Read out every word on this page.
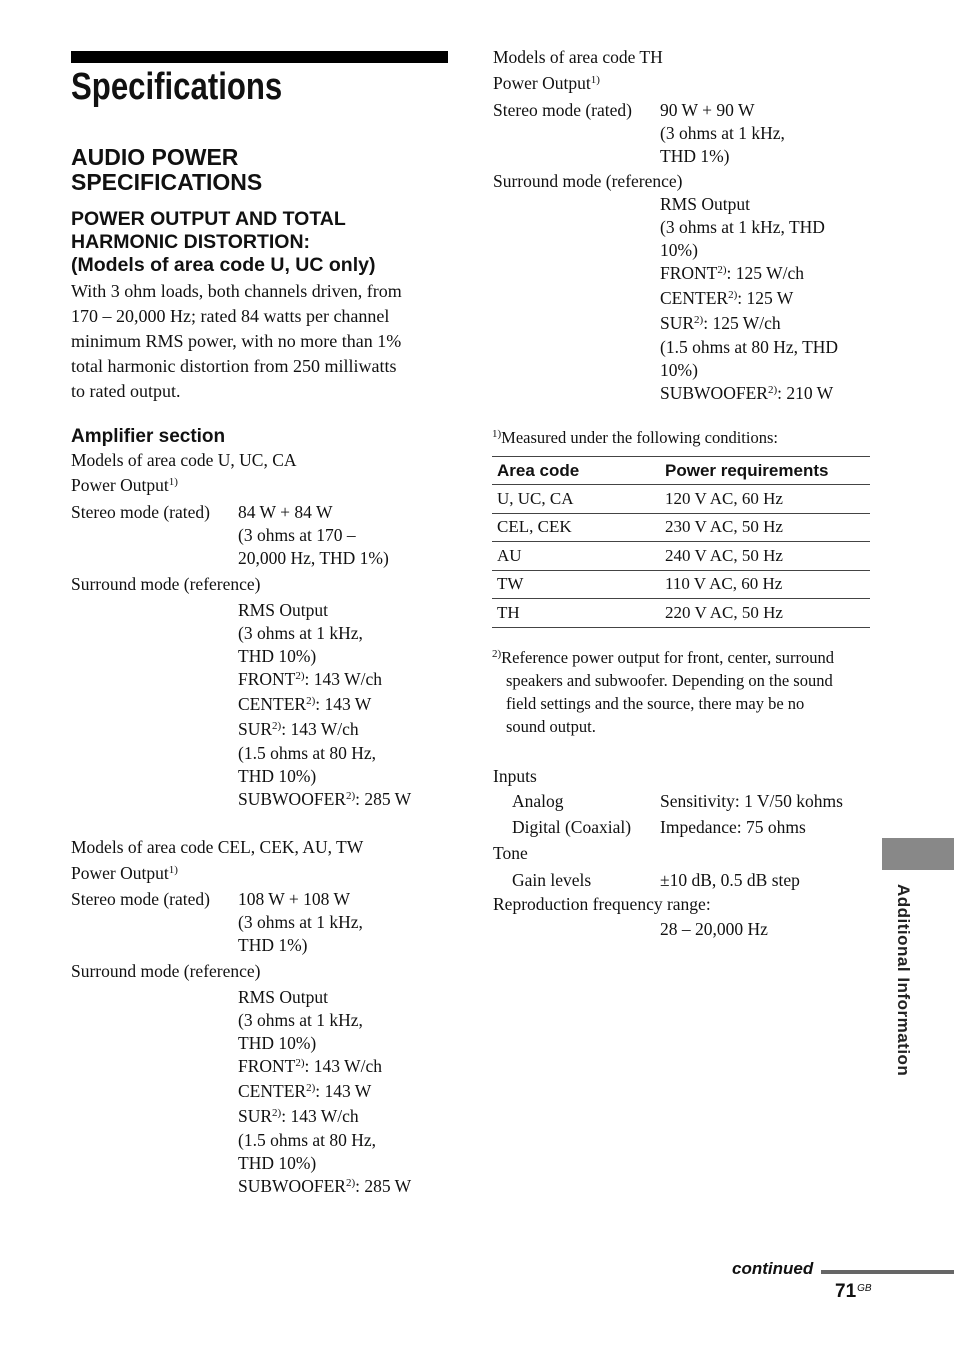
Specifications
AUDIO POWER
SPECIFICATIONS
POWER OUTPUT AND TOTAL
HARMONIC DISTORTION:
(Models of area code U, UC only)
With 3 ohm loads, both channels driven, from
170 – 20,000 Hz; rated 84 watts per channel
minimum RMS power, with no more than 1%
total harmonic distortion from 250 milliwatts
to rated output.
Amplifier section
Models of area code U, UC, CA
Power Output$^{1)}$
Stereo mode (rated) 84 W + 84 W
(3 ohms at 170 –
20,000 Hz, THD 1%)
Surround mode (reference)
RMS Output
(3 ohms at 1 kHz,
THD 10%)
FRONT$^{2)}$: 143 W/ch
CENTER$^{2)}$: 143 W
SUR$^{2)}$: 143 W/ch
(1.5 ohms at 80 Hz,
THD 10%)
SUBWOOFER$^{2)}$: 285 W
Models of area code CEL, CEK, AU, TW
Power Output$^{1)}$
Stereo mode (rated) 108 W + 108 W
(3 ohms at 1 kHz,
THD 1%)
Surround mode (reference)
RMS Output
(3 ohms at 1 kHz,
THD 10%)
FRONT$^{2)}$: 143 W/ch
CENTER$^{2)}$: 143 W
SUR$^{2)}$: 143 W/ch
(1.5 ohms at 80 Hz,
THD 10%)
SUBWOOFER$^{2)}$: 285 W
Models of area code TH
Power Output$^{1)}$
Stereo mode (rated) 90 W + 90 W
(3 ohms at 1 kHz,
THD 1%)
Surround mode (reference)
RMS Output
(3 ohms at 1 kHz, THD
10%)
FRONT$^{2)}$: 125 W/ch
CENTER$^{2)}$: 125 W
SUR$^{2)}$: 125 W/ch
(1.5 ohms at 80 Hz, THD
10%)
SUBWOOFER$^{2)}$: 210 W
$^{1)}$Measured under the following conditions:
Area code	Power requirements
U, UC, CA	120 V AC, 60 Hz
CEL, CEK	230 V AC, 50 Hz
AU	240 V AC, 50 Hz
TW	110 V AC, 60 Hz
TH	220 V AC, 50 Hz
$^{2)}$Reference power output for front, center, surround
speakers and subwoofer. Depending on the sound
field settings and the source, there may be no
sound output.
Inputs
Analog	Sensitivity: 1 V/50 kohms
Digital (Coaxial) Impedance: 75 ohms
Tone
Gain levels	±10 dB, 0.5 dB step
Reproduction frequency range:
28 – 20,000 Hz	Additional Information
continued
$71^{GB}$
